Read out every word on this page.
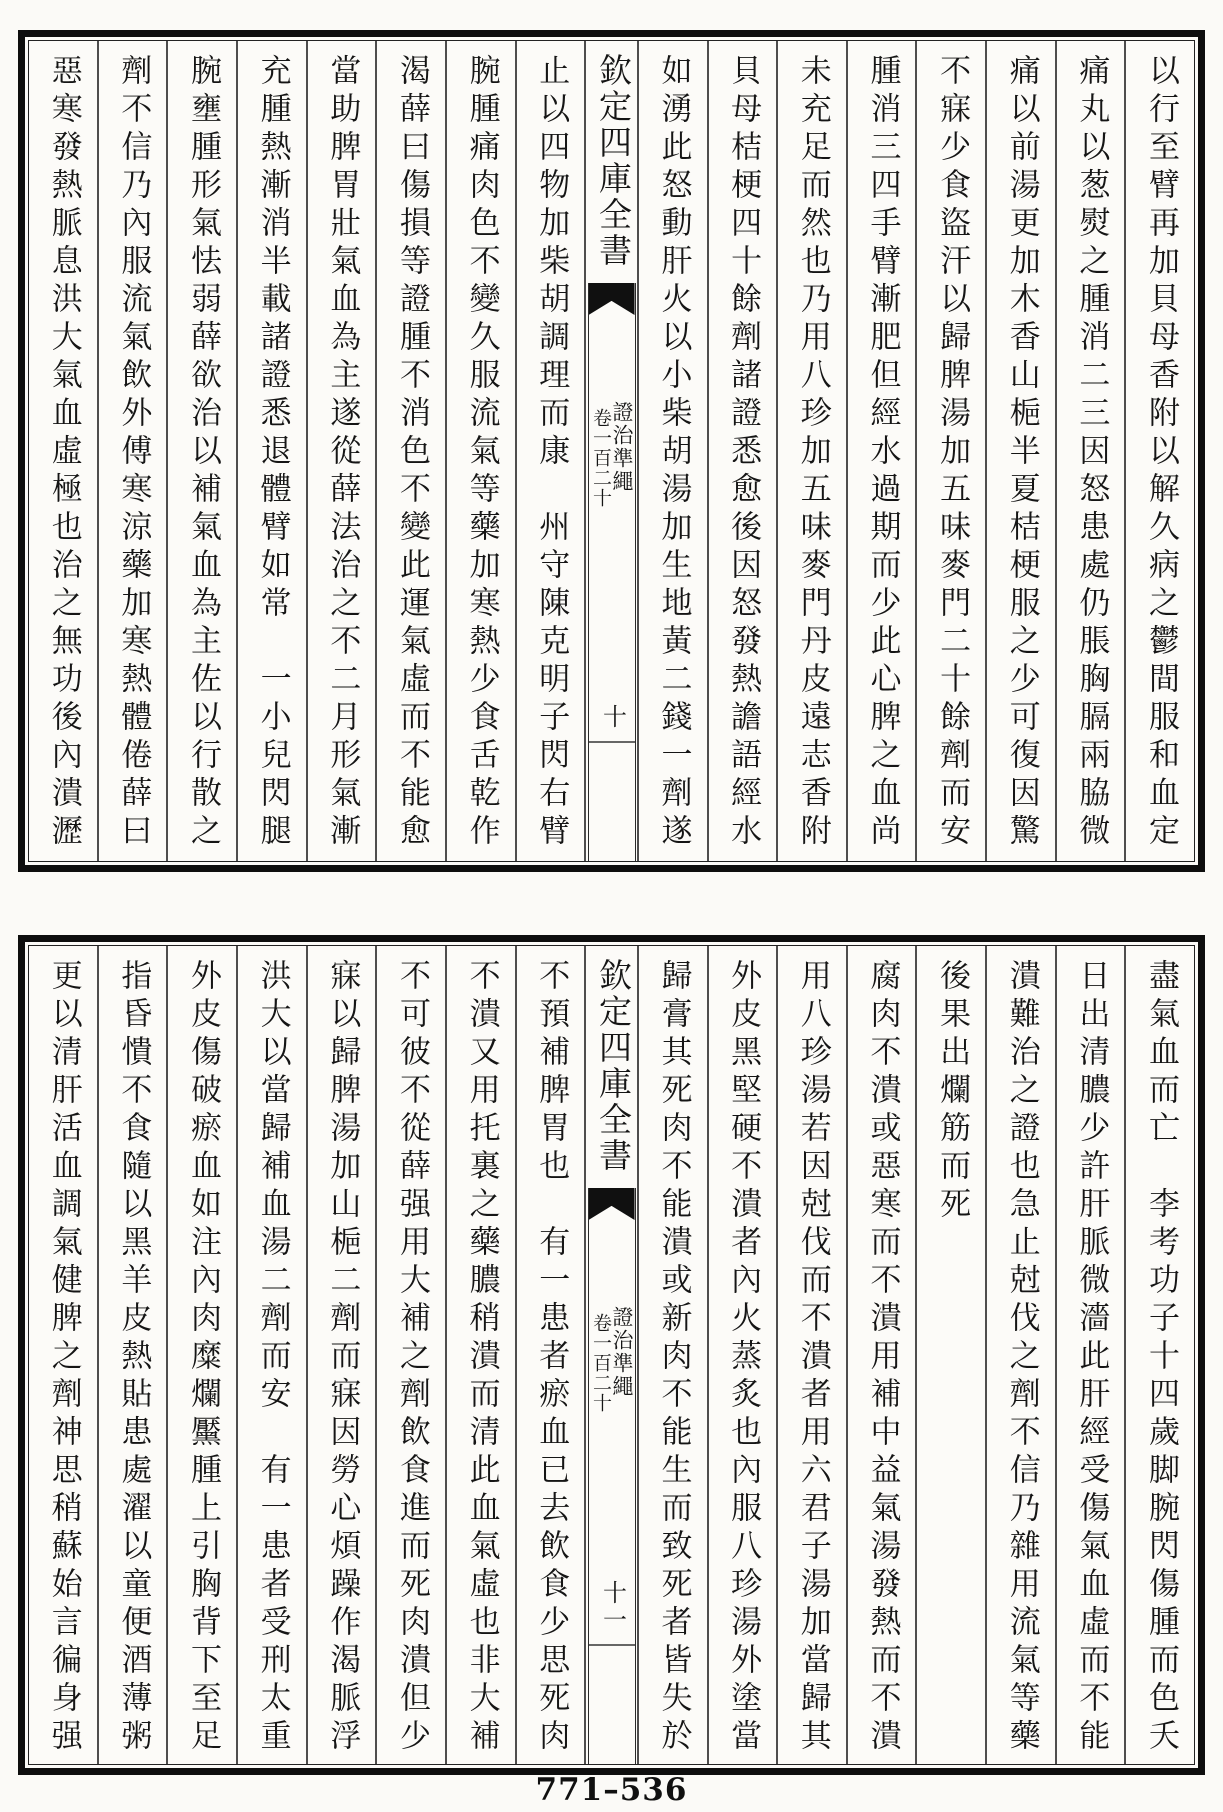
以行至臂再加貝母香附以解久病之鬱間服和血定
痛丸以葱熨之腫消二三因怒患處仍脹胸膈兩脇微
痛以前湯更加木香山梔半夏桔梗服之少可復因驚
不寐少食盜汗以歸脾湯加五味麥門二十餘劑而安
腫消三四手臂漸肥但經水過期而少此心脾之血尚
未充足而然也乃用八珍加五味麥門丹皮遠志香附
貝母桔梗四十餘劑諸證悉愈後因怒發熱譫語經水
如湧此怒動肝火以小柴胡湯加生地黃二錢一劑遂
欽定四庫全書
證治準繩
卷一百二十
十
止以四物加柴胡調理而康　州守陳克明子閃右臂
腕腫痛肉色不變久服流氣等藥加寒熱少食舌乾作
渴薛曰傷損等證腫不消色不變此運氣虛而不能愈
當助脾胃壯氣血為主遂從薛法治之不二月形氣漸
充腫熱漸消半載諸證悉退體臂如常　一小兒閃腿
腕壅腫形氣怯弱薛欲治以補氣血為主佐以行散之
劑不信乃內服流氣飲外傅寒涼藥加寒熱體倦薛曰
惡寒發熱脈息洪大氣血虛極也治之無功後內潰瀝
盡氣血而亡　李考功子十四歲脚腕閃傷腫而色夭
日出清膿少許肝脈微濇此肝經受傷氣血虛而不能
潰難治之證也急止尅伐之劑不信乃雜用流氣等藥
後果出爛筋而死
腐肉不潰或惡寒而不潰用補中益氣湯發熱而不潰
用八珍湯若因尅伐而不潰者用六君子湯加當歸其
外皮黑堅硬不潰者內火蒸炙也內服八珍湯外塗當
歸膏其死肉不能潰或新肉不能生而致死者皆失於
欽定四庫全書
證治準繩
卷一百二十
十一
不預補脾胃也　有一患者瘀血已去飲食少思死肉
不潰又用托裏之藥膿稍潰而清此血氣虛也非大補
不可彼不從薛强用大補之劑飲食進而死肉潰但少
寐以歸脾湯加山梔二劑而寐因勞心煩躁作渴脈浮
洪大以當歸補血湯二劑而安　有一患者受刑太重
外皮傷破瘀血如注內肉糜爛黶腫上引胸背下至足
指昏憒不食隨以黑羊皮熱貼患處濯以童便酒薄粥
更以清肝活血調氣健脾之劑神思稍蘇始言徧身强
771–536
